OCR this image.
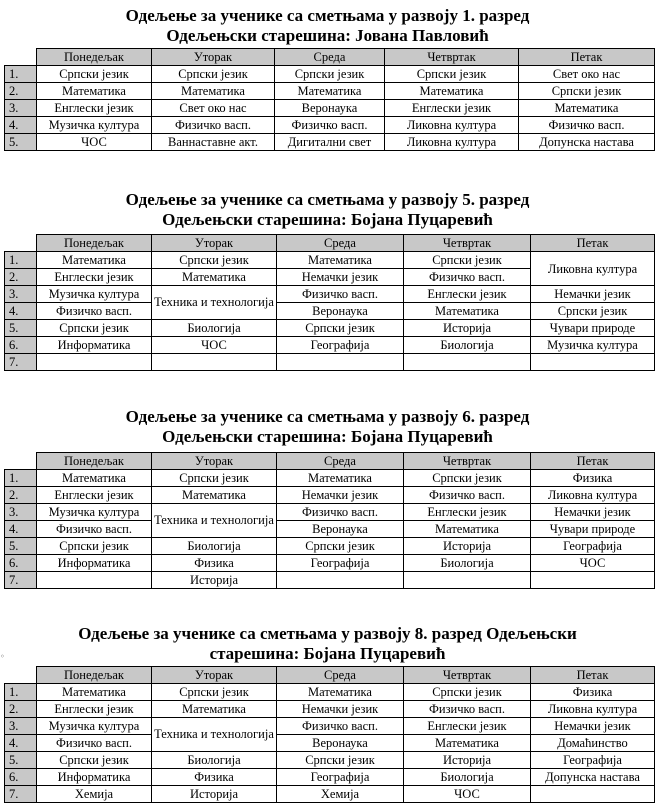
Одељење за ученике са сметњама у развоју 1. разред

Одељењски старешина: Јована Павловић

	Понедељак	Уторак	Среда	Четвртак	Петак
1.	Српски језик	Српски језик	Српски језик	Српски језик	Свет око нас
2.	Математика	Математика	Математика	Математика	Српски језик
3.	Енглески језик	Свет око нас	Веронаука	Енглески језик	Математика
4.	Музичка култура	Физичко васп.	Физичко васп.	Ликовна култура	Физичко васп.
5.	ЧОС	Ваннаставне акт.	Дигитални свет	Ликовна култура	Допунска настава

Одељење за ученике са сметњама у развоју 5. разред

Одељењски старешина: Бојана Пуцаревић

	Понедељак	Уторак	Среда	Четвртак	Петак
1.	Математика	Српски језик	Математика	Српски језик	Ликовна култура
2.	Енглески језик	Математика	Немачки језик	Физичко васп.	
3.	Музичка култура	Техника и технологија	Физичко васп.	Енглески језик	Немачки језик
4.	Физичко васп.		Веронаука	Математика	Српски језик
5.	Српски језик	Биологија	Српски језик	Историја	Чувари природе
6.	Информатика	ЧОС	Географија	Биологија	Музичка култура
7.					

Одељење за ученике са сметњама у развоју 6. разред

Одељењски старешина: Бојана Пуцаревић

	Понедељак	Уторак	Среда	Четвртак	Петак
1.	Математика	Српски језик	Математика	Српски језик	Физика
2.	Енглески језик	Математика	Немачки језик	Физичко васп.	Ликовна култура
3.	Музичка култура	Техника и технологија	Физичко васп.	Енглески језик	Немачки језик
4.	Физичко васп.		Веронаука	Математика	Чувари природе
5.	Српски језик	Биологија	Српски језик	Историја	Географија
6.	Информатика	Физика	Географија	Биологија	ЧОС
7.		Историја			
◦

Одељење за ученике са сметњама у развоју 8. разред Одељењски

старешина: Бојана Пуцаревић

	Понедељак	Уторак	Среда	Четвртак	Петак
1.	Математика	Српски језик	Математика	Српски језик	Физика
2.	Енглески језик	Математика	Немачки језик	Физичко васп.	Ликовна култура
3.	Музичка култура	Техника и технологија	Физичко васп.	Енглески језик	Немачки језик
4.	Физичко васп.		Веронаука	Математика	Домаћинство
5.	Српски језик	Биологија	Српски језик	Историја	Географија
6.	Информатика	Физика	Географија	Биологија	Допунска настава
7.	Хемија	Историја	Хемија	ЧОС	
